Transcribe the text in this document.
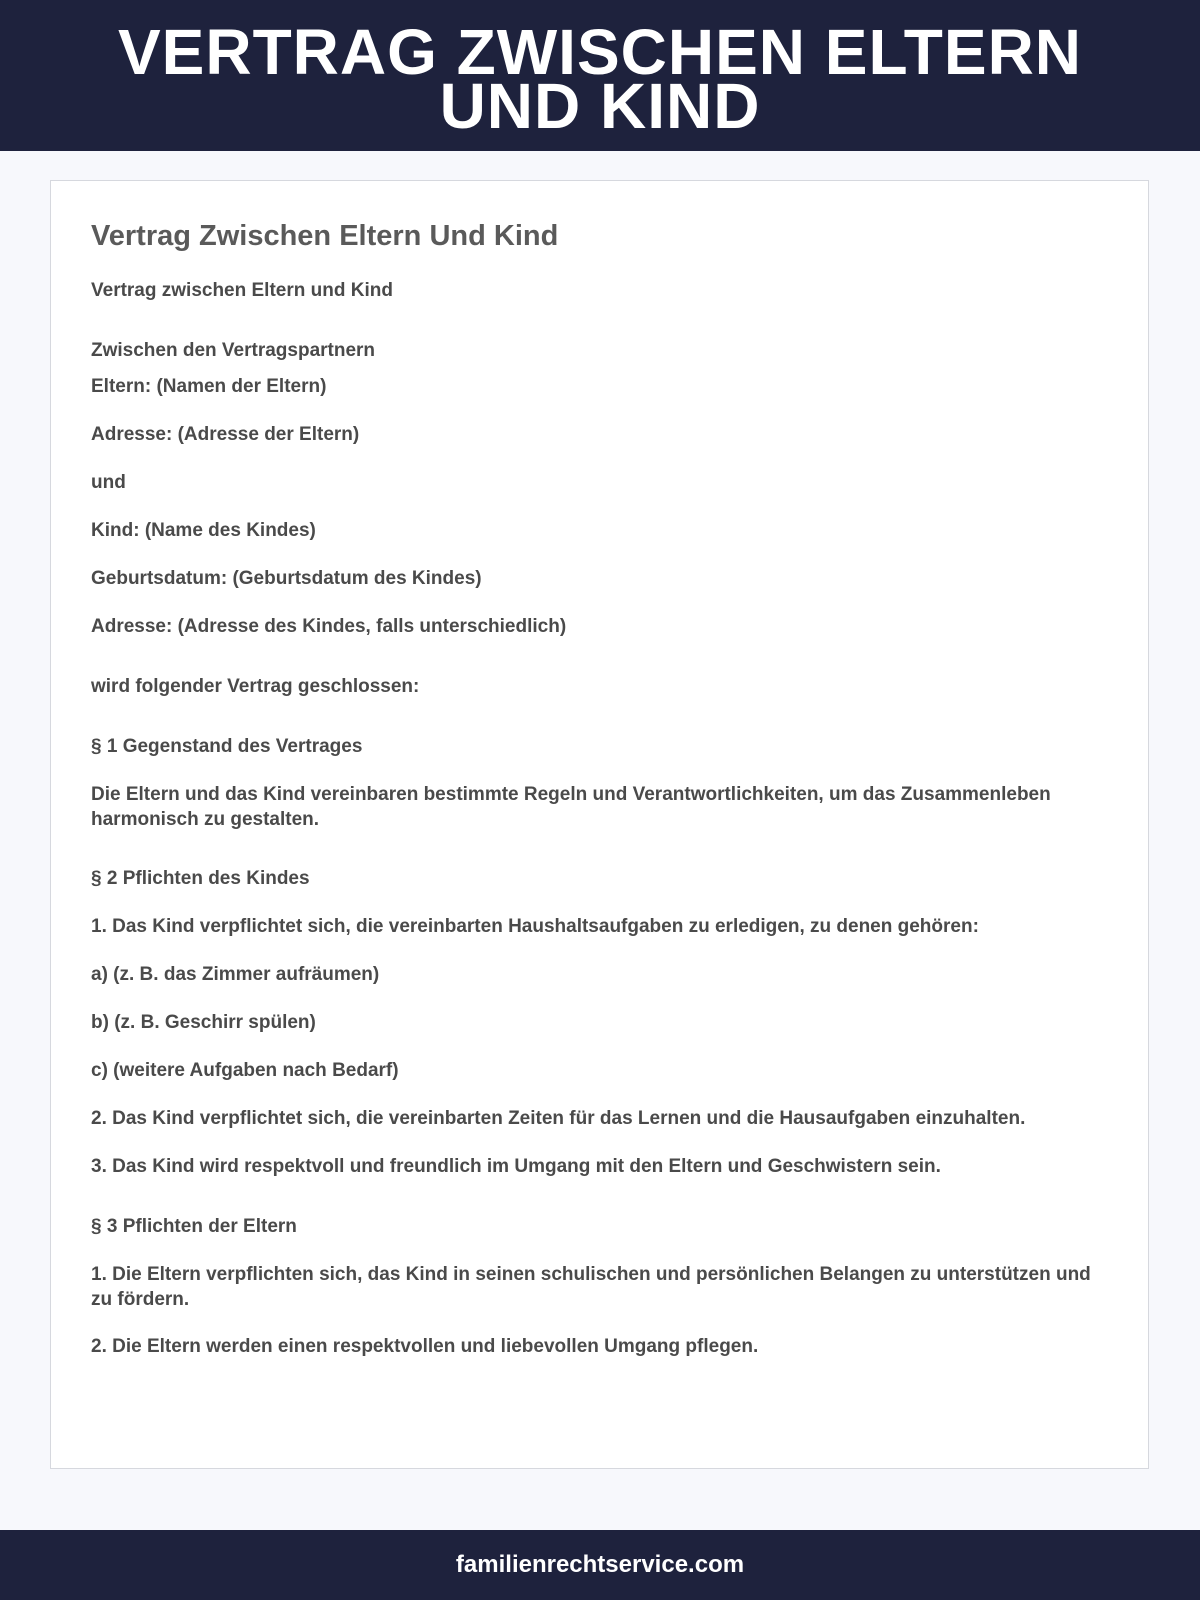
VERTRAG ZWISCHEN ELTERN UND KIND
Vertrag Zwischen Eltern Und Kind

Vertrag zwischen Eltern und Kind

Zwischen den Vertragspartnern

Eltern: (Namen der Eltern)

Adresse: (Adresse der Eltern)

und

Kind: (Name des Kindes)

Geburtsdatum: (Geburtsdatum des Kindes)

Adresse: (Adresse des Kindes, falls unterschiedlich)

wird folgender Vertrag geschlossen:

§ 1 Gegenstand des Vertrages

Die Eltern und das Kind vereinbaren bestimmte Regeln und Verantwortlichkeiten, um das Zusammenleben harmonisch zu gestalten.

§ 2 Pflichten des Kindes

1. Das Kind verpflichtet sich, die vereinbarten Haushaltsaufgaben zu erledigen, zu denen gehören:

a) (z. B. das Zimmer aufräumen)

b) (z. B. Geschirr spülen)

c) (weitere Aufgaben nach Bedarf)

2. Das Kind verpflichtet sich, die vereinbarten Zeiten für das Lernen und die Hausaufgaben einzuhalten.

3. Das Kind wird respektvoll und freundlich im Umgang mit den Eltern und Geschwistern sein.

§ 3 Pflichten der Eltern

1. Die Eltern verpflichten sich, das Kind in seinen schulischen und persönlichen Belangen zu unterstützen und zu fördern.

2. Die Eltern werden einen respektvollen und liebevollen Umgang pflegen.

familienrechtservice.com
